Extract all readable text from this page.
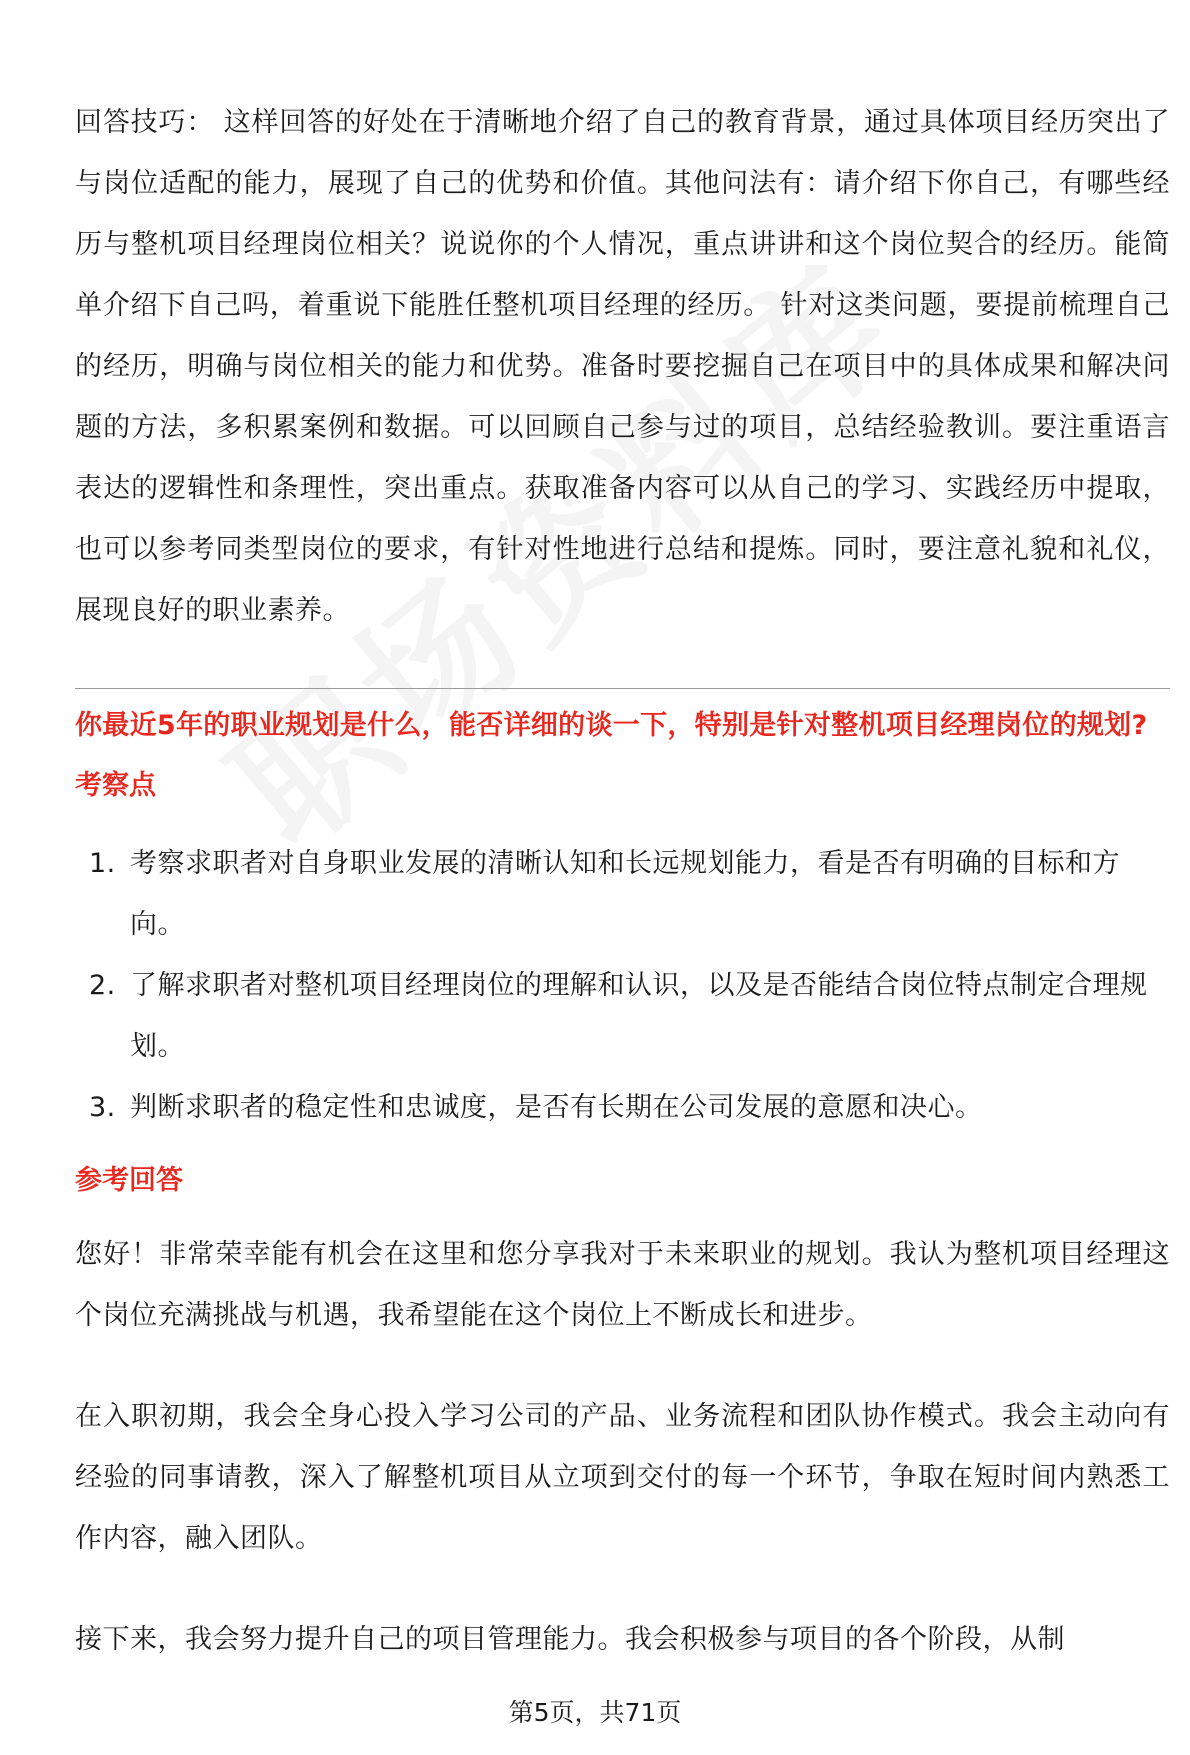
回答技巧： 这样回答的好处在于清晰地介绍了自己的教育背景，通过具体项目经历突出了与岗位适配的能力，展现了自己的优势和价值。其他问法有：请介绍下你自己，有哪些经历与整机项目经理岗位相关？说说你的个人情况，重点讲讲和这个岗位契合的经历。能简单介绍下自己吗，着重说下能胜任整机项目经理的经历。 针对这类问题，要提前梳理自己的经历，明确与岗位相关的能力和优势。准备时要挖掘自己在项目中的具体成果和解决问题的方法，多积累案例和数据。可以回顾自己参与过的项目，总结经验教训。要注重语言表达的逻辑性和条理性，突出重点。获取准备内容可以从自己的学习、实践经历中提取，也可以参考同类型岗位的要求，有针对性地进行总结和提炼。同时，要注意礼貌和礼仪，展现良好的职业素养。

你最近5年的职业规划是什么，能否详细的谈一下，特别是针对整机项目经理岗位的规划?
考察点
1. 考察求职者对自身职业发展的清晰认知和长远规划能力，看是否有明确的目标和方向。
2. 了解求职者对整机项目经理岗位的理解和认识，以及是否能结合岗位特点制定合理规划。
3. 判断求职者的稳定性和忠诚度，是否有长期在公司发展的意愿和决心。
参考回答

您好！非常荣幸能有机会在这里和您分享我对于未来职业的规划。我认为整机项目经理这个岗位充满挑战与机遇，我希望能在这个岗位上不断成长和进步。

在入职初期，我会全身心投入学习公司的产品、业务流程和团队协作模式。我会主动向有经验的同事请教，深入了解整机项目从立项到交付的每一个环节，争取在短时间内熟悉工作内容，融入团队。

接下来，我会努力提升自己的项目管理能力。我会积极参与项目的各个阶段，从制

第5页，共71页
